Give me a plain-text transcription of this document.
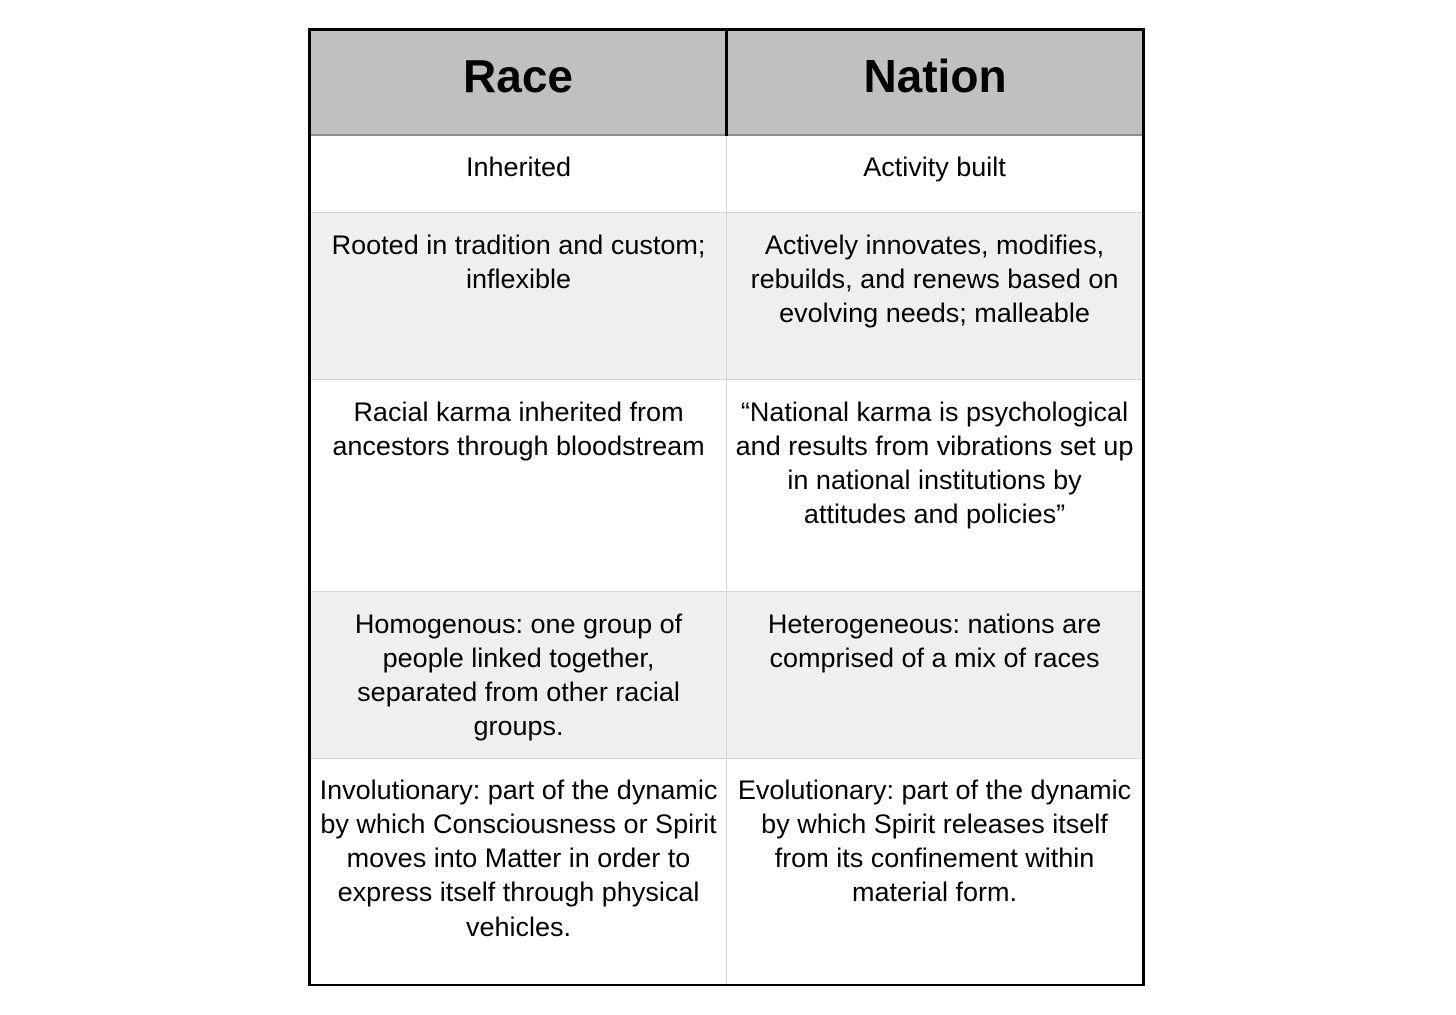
Race	Nation
Inherited	Activity built
Rooted in tradition and custom; inflexible	Actively innovates, modifies, rebuilds, and renews based on evolving needs; malleable
Racial karma inherited from ancestors through bloodstream	“National karma is psychological and results from vibrations set up in national institutions by attitudes and policies”
Homogenous: one group of people linked together, separated from other racial groups.	Heterogeneous: nations are comprised of a mix of races
Involutionary: part of the dynamic by which Consciousness or Spirit moves into Matter in order to express itself through physical vehicles.	Evolutionary: part of the dynamic by which Spirit releases itself from its confinement within material form.
